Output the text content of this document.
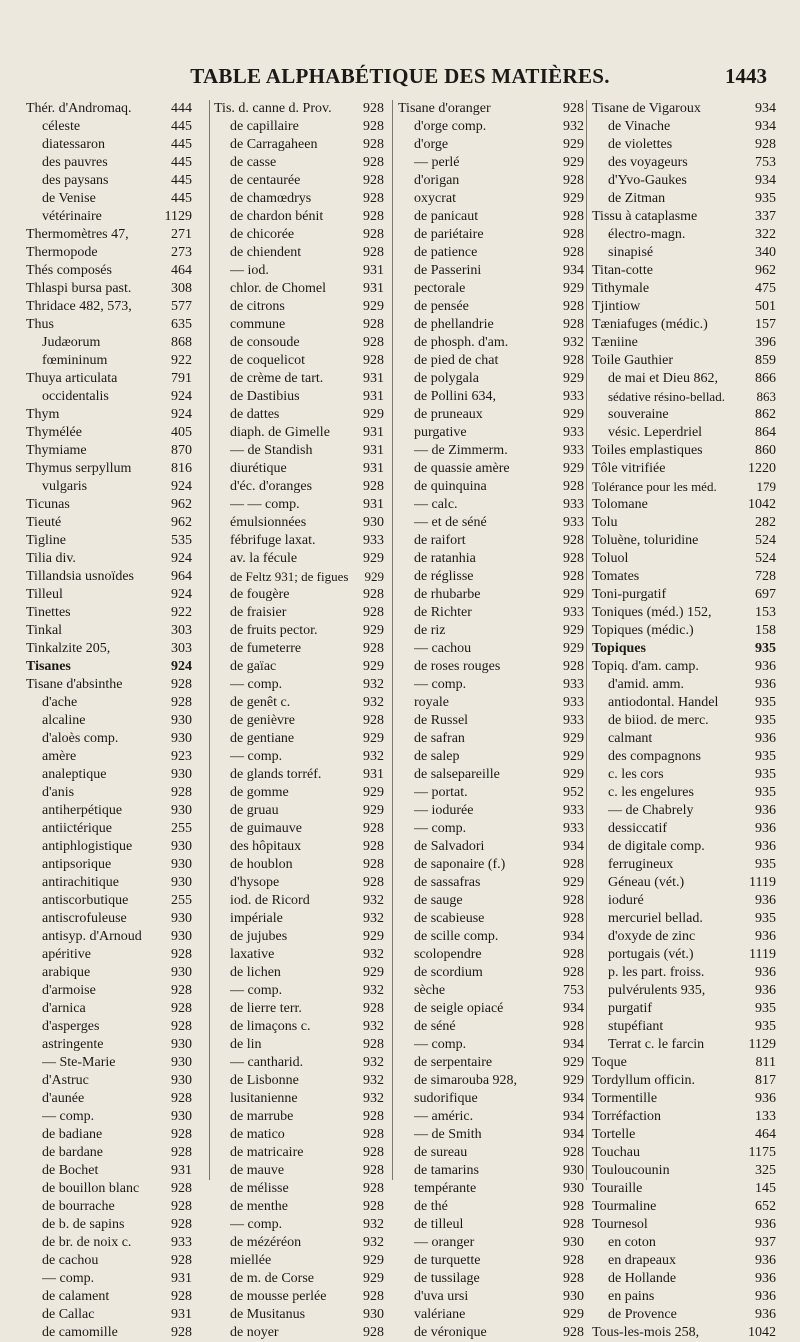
TABLE ALPHABÉTIQUE DES MATIÈRES.	1443
Thér. d'Andromaq.	444
céleste	445
diatessaron	445
des pauvres	445
des paysans	445
de Venise	445
vétérinaire	1129
Thermomètres 47,	271
Thermopode	273
Thés composés	464
Thlaspi bursa past.	308
Thridace 482, 573,	577
Thus	635
Judæorum	868
fœmininum	922
Thuya articulata	791
occidentalis	924
Thym	924
Thymélée	405
Thymiame	870
Thymus serpyllum	816
vulgaris	924
Ticunas	962
Tieuté	962
Tigline	535
Tilia div.	924
Tillandsia usnoïdes	964
Tilleul	924
Tinettes	922
Tinkal	303
Tinkalzite 205,	303
Tisanes	924
Tisane d'absinthe	928
d'ache	928
alcaline	930
d'aloès comp.	930
amère	923
analeptique	930
d'anis	928
antiherpétique	930
antiictérique	255
antiphlogistique	930
antipsorique	930
antirachitique	930
antiscorbutique	255
antiscrofuleuse	930
antisyp. d'Arnoud	930
apéritive	928
arabique	930
d'armoise	928
d'arnica	928
d'asperges	928
astringente	930
— Ste-Marie	930
d'Astruc	930
d'aunée	928
— comp.	930
de badiane	928
de bardane	928
de Bochet	931
de bouillon blanc	928
de bourrache	928
de b. de sapins	928
de br. de noix c.	933
de cachou	928
— comp.	931
de calament	928
de Callac	931
de camomille	928
Tis. d. canne d. Prov.	928
de capillaire	928
de Carragaheen	928
de casse	928
de centaurée	928
de chamœdrys	928
de chardon bénit	928
de chicorée	928
de chiendent	928
— iod.	931
chlor. de Chomel	931
de citrons	929
commune	928
de consoude	928
de coquelicot	928
de crème de tart.	931
de Dastibius	931
de dattes	929
diaph. de Gimelle	931
— de Standish	931
diurétique	931
d'éc. d'oranges	928
— — comp.	931
émulsionnées	930
fébrifuge laxat.	933
av. la fécule	929
de Feltz 931; de figues	929
de fougère	928
de fraisier	928
de fruits pector.	929
de fumeterre	928
de gaïac	929
— comp.	932
de genêt c.	932
de genièvre	928
de gentiane	929
— comp.	932
de glands torréf.	931
de gomme	929
de gruau	929
de guimauve	928
des hôpitaux	928
de houblon	928
d'hysope	928
iod. de Ricord	932
impériale	932
de jujubes	929
laxative	932
de lichen	929
— comp.	932
de lierre terr.	928
de limaçons c.	932
de lin	928
— cantharid.	932
de Lisbonne	932
lusitanienne	932
de marrube	928
de matico	928
de matricaire	928
de mauve	928
de mélisse	928
de menthe	928
— comp.	932
de mézéréon	932
miellée	929
de m. de Corse	929
de mousse perlée	928
de Musitanus	930
de noyer	928
Tisane d'oranger	928
d'orge comp.	932
d'orge	929
— perlé	929
d'origan	928
oxycrat	929
de panicaut	928
de pariétaire	928
de patience	928
de Passerini	934
pectorale	929
de pensée	928
de phellandrie	928
de phosph. d'am.	932
de pied de chat	928
de polygala	929
de Pollini 634,	933
de pruneaux	929
purgative	933
— de Zimmerm.	933
de quassie amère	929
de quinquina	928
— calc.	933
— et de séné	933
de raifort	928
de ratanhia	928
de réglisse	928
de rhubarbe	929
de Richter	933
de riz	929
— cachou	929
de roses rouges	928
— comp.	933
royale	933
de Russel	933
de safran	929
de salep	929
de salsepareille	929
— portat.	952
— iodurée	933
— comp.	933
de Salvadori	934
de saponaire (f.)	928
de sassafras	929
de sauge	928
de scabieuse	928
de scille comp.	934
scolopendre	928
de scordium	928
sèche	753
de seigle opiacé	934
de séné	928
— comp.	934
de serpentaire	929
de simarouba 928,	929
sudorifique	934
— améric.	934
— de Smith	934
de sureau	928
de tamarins	930
tempérante	930
de thé	928
de tilleul	928
— oranger	930
de turquette	928
de tussilage	928
d'uva ursi	930
valériane	929
de véronique	928
Tisane de Vigaroux	934
de Vinache	934
de violettes	928
des voyageurs	753
d'Yvo-Gaukes	934
de Zitman	935
Tissu à cataplasme	337
électro-magn.	322
sinapisé	340
Titan-cotte	962
Tithymale	475
Tjintiow	501
Tæniafuges (médic.)	157
Tæniine	396
Toile Gauthier	859
de mai et Dieu 862,	866
sédative résino-bellad.	863
souveraine	862
vésic. Leperdriel	864
Toiles emplastiques	860
Tôle vitrifiée	1220
Tolérance pour les méd.	179
Tolomane	1042
Tolu	282
Toluène, toluridine	524
Toluol	524
Tomates	728
Toni-purgatif	697
Toniques (méd.) 152,	153
Topiques (médic.)	158
Topiques	935
Topiq. d'am. camp.	936
d'amid. amm.	936
antiodontal. Handel	935
de biiod. de merc.	935
calmant	936
des compagnons	935
c. les cors	935
c. les engelures	935
— de Chabrely	936
dessiccatif	936
de digitale comp.	936
ferrugineux	935
Géneau (vét.)	1119
ioduré	936
mercuriel bellad.	935
d'oxyde de zinc	936
portugais (vét.)	1119
p. les part. froiss.	936
pulvérulents 935,	936
purgatif	935
stupéfiant	935
Terrat c. le farcin	1129
Toque	811
Tordyllum officin.	817
Tormentille	936
Torréfaction	133
Tortelle	464
Touchau	1175
Touloucounin	325
Touraille	145
Tourmaline	652
Tournesol	936
en coton	937
en drapeaux	936
de Hollande	936
en pains	936
de Provence	936
Tous-les-mois 258,	1042
